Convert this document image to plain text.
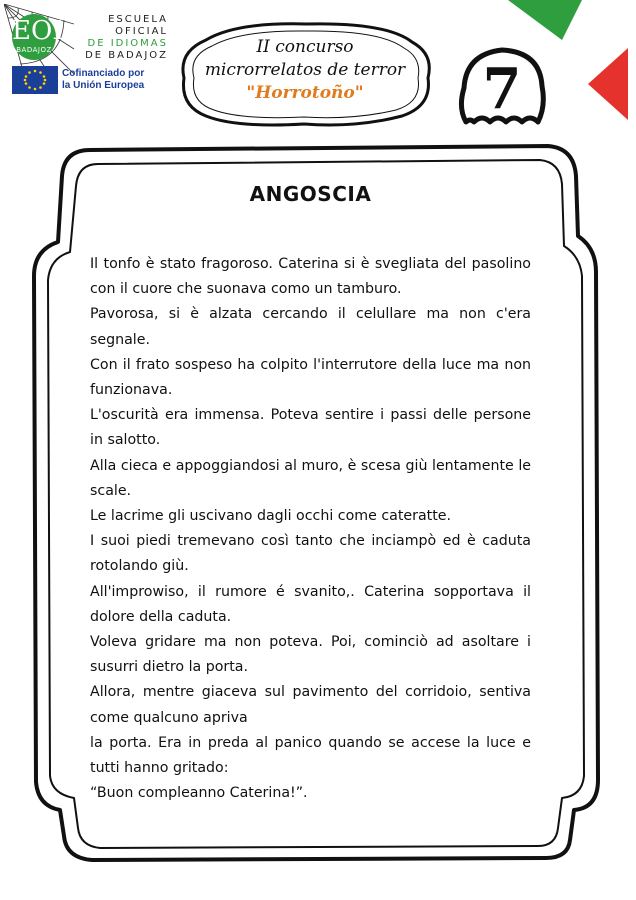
EOI
BADAJOZ
ESCUELA
OFICIAL
DE IDIOMAS
DE BADAJOZ
Cofinanciado por
la Unión Europea
II concurso
microrrelatos de terror
"Horrotoño"	7
ANGOSCIA

Il tonfo è stato fragoroso. Caterina si è svegliata del pasolino con il cuore che suonava como un tamburo.
Pavorosa, si è alzata cercando il celullare ma non c'era segnale.
Con il frato sospeso ha colpito l'interrutore della luce ma non funzionava.
L'oscurità era immensa. Poteva sentire i passi delle persone in salotto.
Alla cieca e appoggiandosi al muro, è scesa giù lentamente le scale.
Le lacrime gli uscivano dagli occhi come cateratte.
I suoi piedi tremevano così tanto che inciampò ed è caduta rotolando giù.
All'improwiso, il rumore é svanito,. Caterina sopportava il dolore della caduta.
Voleva gridare ma non poteva. Poi, cominciò ad asoltare i susurri dietro la porta.
Allora, mentre giaceva sul pavimento del corridoio, sentiva come qualcuno apriva
la porta. Era in preda al panico quando se accese la luce e tutti hanno gritado:
“Buon compleanno Caterina!”.
